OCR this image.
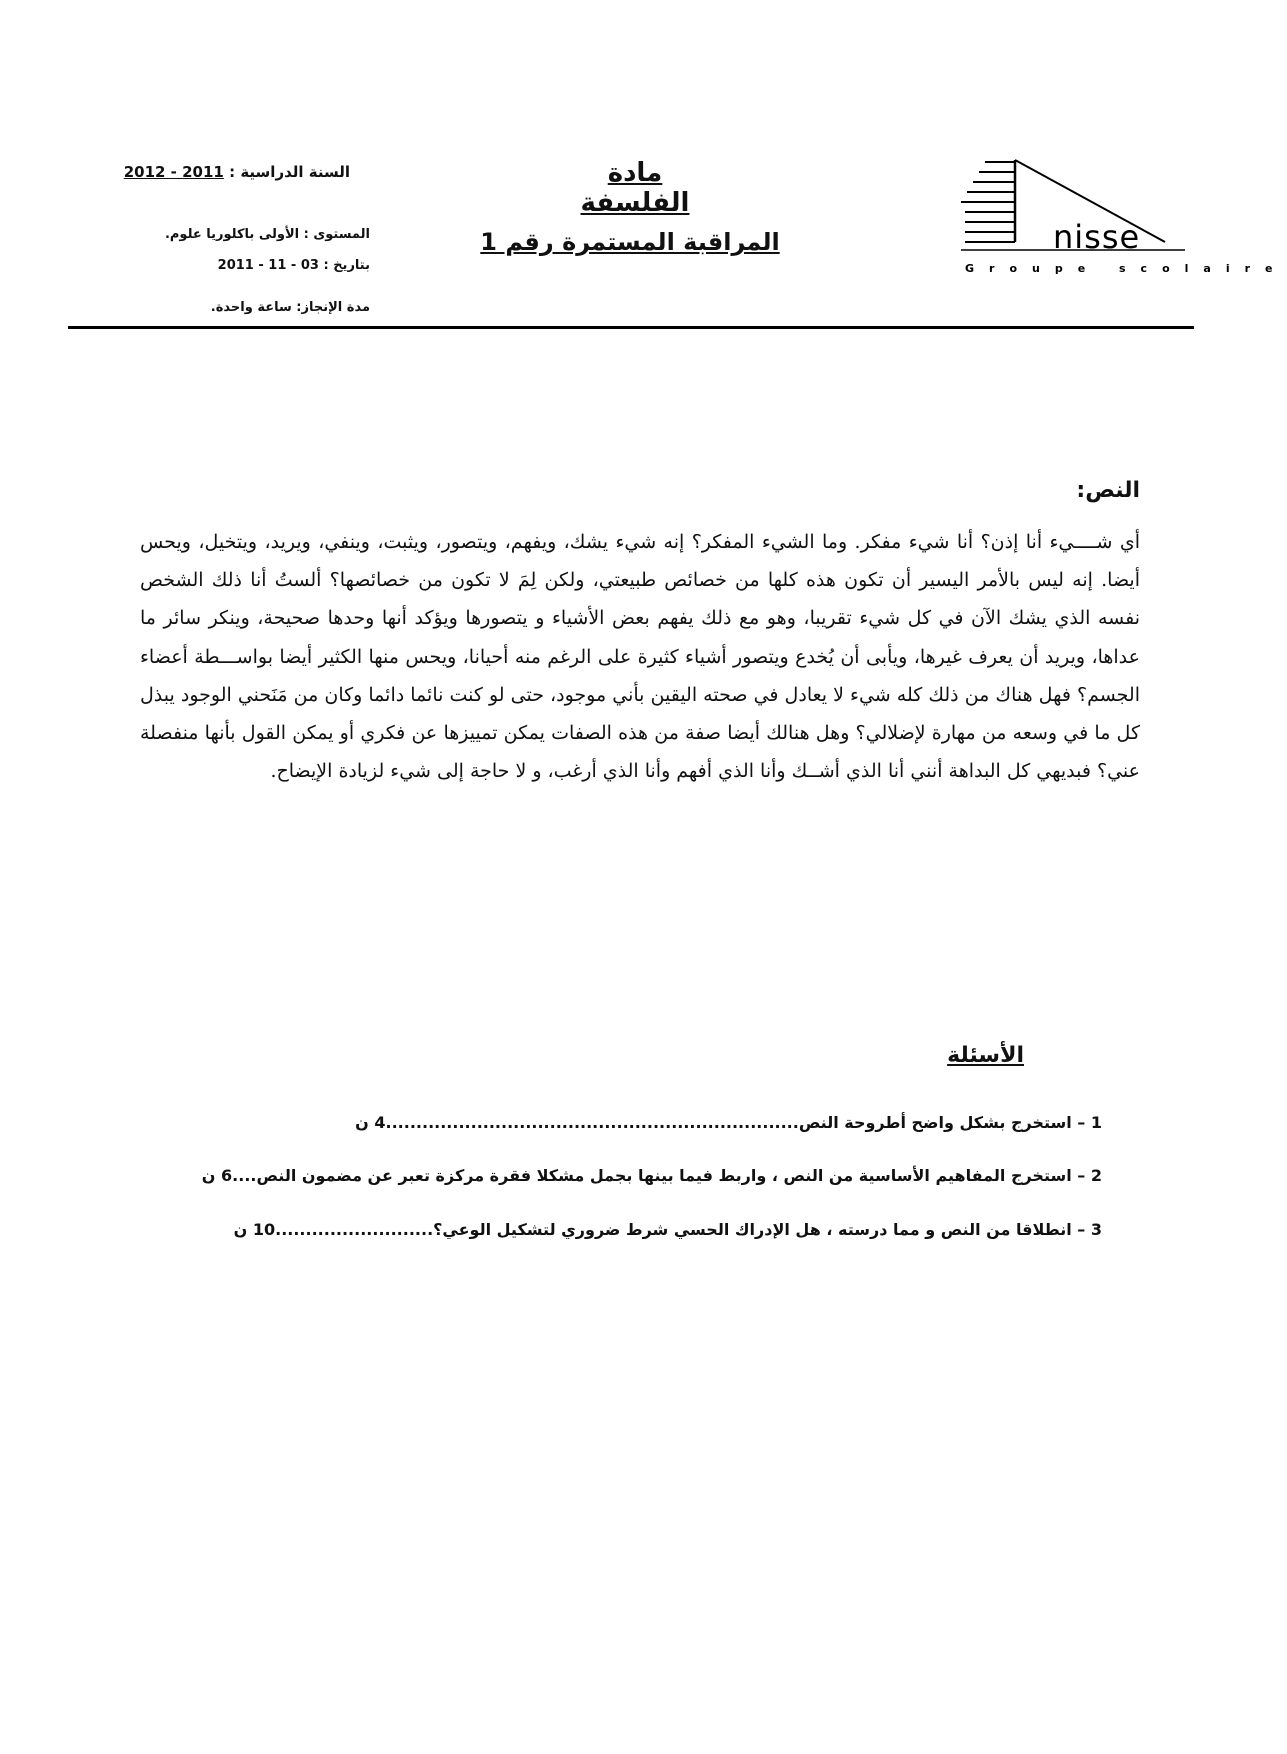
nisse
Groupe scolaire
مادة الفلسفة
المراقبة المستمرة رقم 1
السنة الدراسية : 2011 - 2012
المستوى : الأولى باكلوريا علوم.
بتاريخ : 03 - 11 - 2011
مدة الإنجاز: ساعة واحدة.
النص:
أي شــــيء أنا إذن؟ أنا شيء مفكر. وما الشيء المفكر؟ إنه شيء يشك، ويفهم، ويتصور، ويثبت، وينفي، ويريد، ويتخيل، ويحس أيضا. إنه ليس بالأمر اليسير أن تكون هذه كلها من خصائص طبيعتي، ولكن لِمَ لا تكون من خصائصها؟ ألستُ أنا ذلك الشخص نفسه الذي يشك الآن في كل شيء تقريبا، وهو مع ذلك يفهم بعض الأشياء و يتصورها ويؤكد أنها وحدها صحيحة، وينكر سائر ما عداها، ويريد أن يعرف غيرها، ويأبى أن يُخدع ويتصور أشياء كثيرة على الرغم منه أحيانا، ويحس منها الكثير أيضا بواســـطة أعضاء الجسم؟ فهل هناك من ذلك كله شيء لا يعادل في صحته اليقين بأني موجود، حتى لو كنت نائما دائما وكان من مَنَحني الوجود يبذل كل ما في وسعه من مهارة لإضلالي؟ وهل هنالك أيضا صفة من هذه الصفات يمكن تمييزها عن فكري أو يمكن القول بأنها منفصلة عني؟ فبديهي كل البداهة أنني أنا الذي أشــك وأنا الذي أفهم وأنا الذي أرغب، و لا حاجة إلى شيء لزيادة الإيضاح.
الأسئلة
1 – استخرج بشكل واضح أطروحة النص....................................................................4 ن
2 – استخرج المفاهيم الأساسية من النص ، واربط فيما بينها بجمل مشكلا فقرة مركزة تعبر عن مضمون النص....6 ن
3 – انطلاقا من النص و مما درسته ، هل الإدراك الحسي شرط ضروري لتشكيل الوعي؟..........................10 ن
